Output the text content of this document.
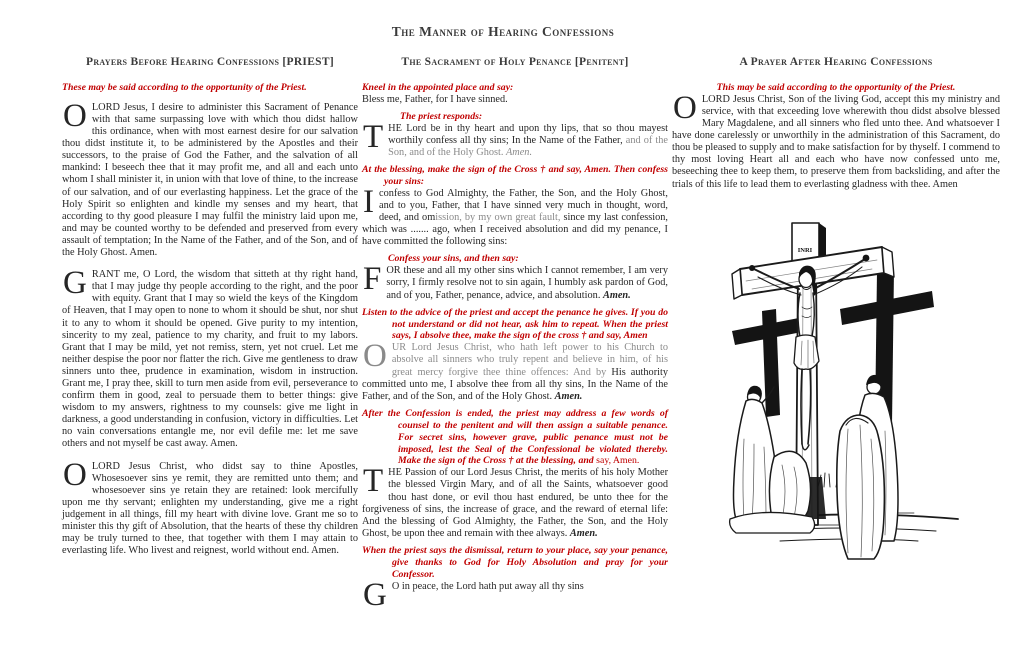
The Manner of Hearing Confessions
Prayers Before Hearing Confessions [PRIEST]

These may be said according to the opportunity of the Priest.

OLORD Jesus, I desire to administer this Sacrament of Penance with that same surpassing love with which thou didst hallow this ordinance, when with most earnest desire for our salvation thou didst institute it, to be administered by the Apostles and their successors, to the praise of God the Father, and the salvation of all mankind: I beseech thee that it may profit me, and all and each unto whom I shall minister it, in union with that love of thine, to the increase of our salvation, and of our everlasting happiness. Let the grace of the Holy Spirit so enlighten and kindle my senses and my heart, that according to thy good pleasure I may fulfil the ministry laid upon me, and may be counted worthy to be defended and preserved from every assault of temptation; In the Name of the Father, and of the Son, and of the Holy Ghost. Amen.

GRANT me, O Lord, the wisdom that sitteth at thy right hand, that I may judge thy people according to the right, and the poor with equity. Grant that I may so wield the keys of the Kingdom of Heaven, that I may open to none to whom it should be shut, nor shut it to any to whom it should be opened. Give purity to my intention, sincerity to my zeal, patience to my charity, and fruit to my labors. Grant that I may be mild, yet not remiss, stern, yet not cruel. Let me neither despise the poor nor flatter the rich. Give me gentleness to draw sinners unto thee, prudence in examination, wisdom in instruction. Grant me, I pray thee, skill to turn men aside from evil, perseverance to confirm them in good, zeal to persuade them to better things: give wisdom to my answers, rightness to my counsels: give me light in darkness, a good understanding in confusion, victory in difficulties. Let no vain conversations entangle me, nor evil defile me: let me save others and not myself be cast away. Amen.

OLORD Jesus Christ, who didst say to thine Apostles, Whosesoever sins ye remit, they are remitted unto them; and whosesoever sins ye retain they are retained: look mercifully upon me thy servant; enlighten my understanding, give me a right judgement in all things, fill my heart with divine love. Grant me so to minister this thy gift of Absolution, that the hearts of these thy children may be truly turned to thee, that together with them I may attain to everlasting life. Who livest and reignest, world without end. Amen.

The Sacrament of Holy Penance [Penitent]

Kneel in the appointed place and say:

Bless me, Father, for I have sinned.

The priest responds:

THE Lord be in thy heart and upon thy lips, that so thou mayest worthily confess all thy sins; In the Name of the Father, and of the Son, and of the Holy Ghost. Amen.

At the blessing, make the sign of the Cross † and say, Amen. Then confess your sins:

Iconfess to God Almighty, the Father, the Son, and the Holy Ghost, and to you, Father, that I have sinned very much in thought, word, deed, and omission, by my own great fault, since my last confession, which was ....... ago, when I received absolution and did my penance, I have committed the following sins:

Confess your sins, and then say:

FOR these and all my other sins which I cannot remember, I am very sorry, I firmly resolve not to sin again, I humbly ask pardon of God, and of you, Father, penance, advice, and absolution. Amen.

Listen to the advice of the priest and accept the penance he gives. If you do not understand or did not hear, ask him to repeat. When the priest says, I absolve thee, make the sign of the cross † and say, Amen

OUR Lord Jesus Christ, who hath left power to his Church to absolve all sinners who truly repent and believe in him, of his great mercy forgive thee thine offences: And by His authority committed unto me, I absolve thee from all thy sins, In the Name of the Father, and of the Son, and of the Holy Ghost. Amen.

After the Confession is ended, the priest may address a few words of counsel to the penitent and will then assign a suitable penance. For secret sins, however grave, public penance must not be imposed, lest the Seal of the Confessional be violated thereby. Make the sign of the Cross † at the blessing, and say, Amen.

THE Passion of our Lord Jesus Christ, the merits of his holy Mother the blessed Virgin Mary, and of all the Saints, whatsoever good thou hast done, or evil thou hast endured, be unto thee for the forgiveness of sins, the increase of grace, and the reward of eternal life: And the blessing of God Almighty, the Father, the Son, and the Holy Ghost, be upon thee and remain with thee always. Amen.

When the priest says the dismissal, return to your place, say your penance, give thanks to God for Holy Absolution and pray for your Confessor.

G O in peace, the Lord hath put away all thy sins

A Prayer After Hearing Confessions

This may be said according to the opportunity of the Priest.

OLORD Jesus Christ, Son of the living God, accept this my ministry and service, with that exceeding love wherewith thou didst absolve blessed Mary Magdalene, and all sinners who fled unto thee. And whatsoever I have done carelessly or unworthily in the administration of this Sacrament, do thou be pleased to supply and to make satisfaction for by thyself. I commend to thy most loving Heart all and each who have now confessed unto me, beseeching thee to keep them, to preserve them from backsliding, and after the trials of this life to lead them to everlasting gladness with thee. Amen

INRI
